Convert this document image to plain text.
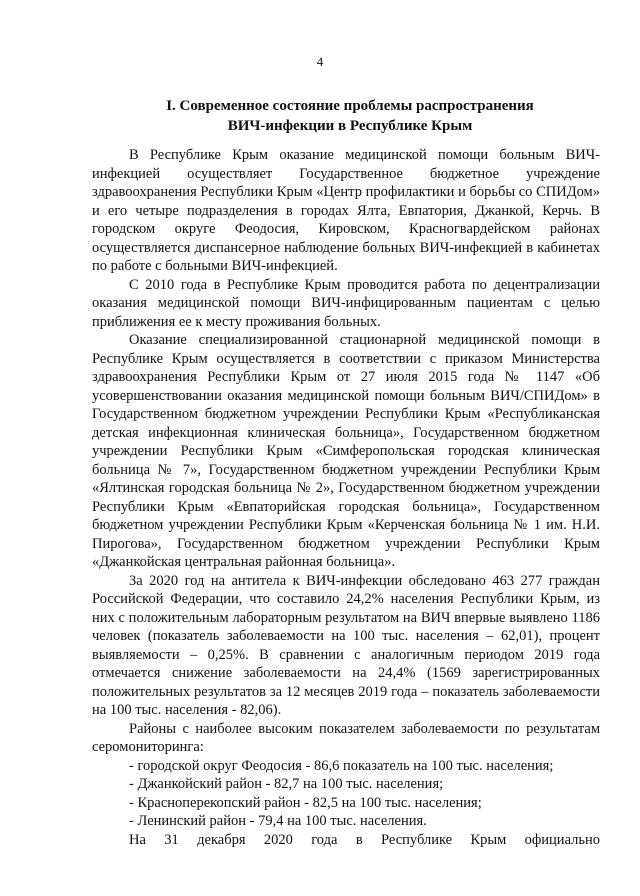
4
I. Современное состояние проблемы распространения
ВИЧ-инфекции в Республике Крым

В Республике Крым оказание медицинской помощи больным ВИЧ-инфекцией осуществляет Государственное бюджетное учреждение здравоохранения Республики Крым «Центр профилактики и борьбы со СПИДом» и его четыре подразделения в городах Ялта, Евпатория, Джанкой, Керчь. В городском округе Феодосия, Кировском, Красногвардейском районах осуществляется диспансерное наблюдение больных ВИЧ-инфекцией в кабинетах по работе с больными ВИЧ-инфекцией.

С 2010 года в Республике Крым проводится работа по децентрализации оказания медицинской помощи ВИЧ-инфицированным пациентам с целью приближения ее к месту проживания больных.

Оказание специализированной стационарной медицинской помощи в Республике Крым осуществляется в соответствии с приказом Министерства здравоохранения Республики Крым от 27 июля 2015 года № 1147 «Об усовершенствовании оказания медицинской помощи больным ВИЧ/СПИДом» в Государственном бюджетном учреждении Республики Крым «Республиканская детская инфекционная клиническая больница», Государственном бюджетном учреждении Республики Крым «Симферопольская городская клиническая больница № 7», Государственном бюджетном учреждении Республики Крым «Ялтинская городская больница № 2», Государственном бюджетном учреждении Республики Крым «Евпаторийская городская больница», Государственном бюджетном учреждении Республики Крым «Керченская больница № 1 им. Н.И. Пирогова», Государственном бюджетном учреждении Республики Крым «Джанкойская центральная районная больница».

За 2020 год на антитела к ВИЧ-инфекции обследовано 463 277 граждан Российской Федерации, что составило 24,2% населения Республики Крым, из них с положительным лабораторным результатом на ВИЧ впервые выявлено 1186 человек (показатель заболеваемости на 100 тыс. населения – 62,01), процент выявляемости – 0,25%. В сравнении с аналогичным периодом 2019 года отмечается снижение заболеваемости на 24,4% (1569 зарегистрированных положительных результатов за 12 месяцев 2019 года – показатель заболеваемости на 100 тыс. населения - 82,06).

Районы с наиболее высоким показателем заболеваемости по результатам серомониторинга:

- городской округ Феодосия - 86,6 показатель на 100 тыс. населения;
- Джанкойский район - 82,7 на 100 тыс. населения;
- Красноперекопский район - 82,5 на 100 тыс. населения;
- Ленинский район - 79,4 на 100 тыс. населения.

На 31 декабря 2020 года в Республике Крым официально
